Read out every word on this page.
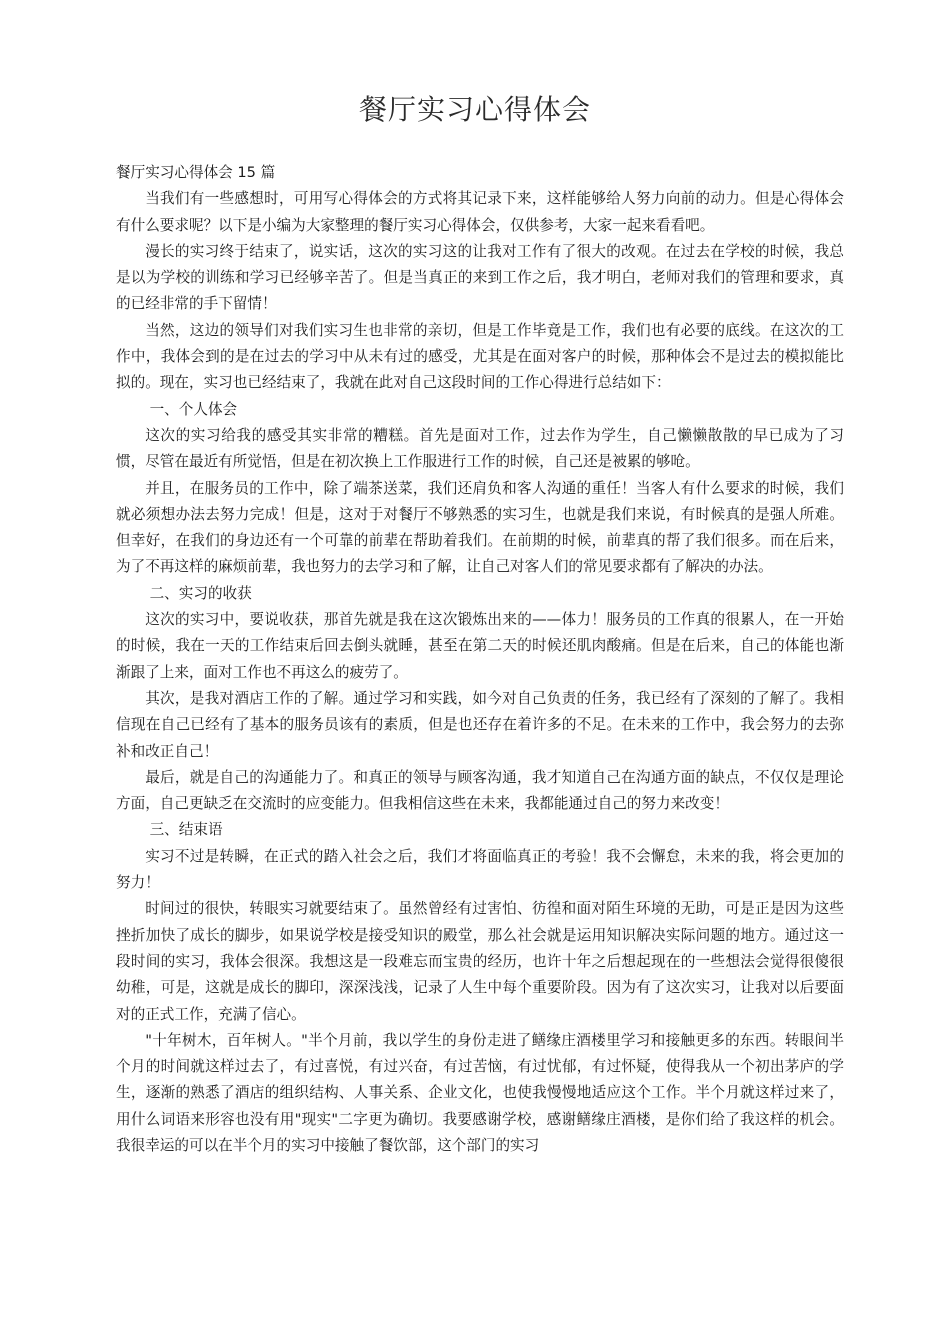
餐厅实习心得体会

餐厅实习心得体会 15 篇

当我们有一些感想时，可用写心得体会的方式将其记录下来，这样能够给人努力向前的动力。但是心得体会有什么要求呢？以下是小编为大家整理的餐厅实习心得体会，仅供参考，大家一起来看看吧。

漫长的实习终于结束了，说实话，这次的实习这的让我对工作有了很大的改观。在过去在学校的时候，我总是以为学校的训练和学习已经够辛苦了。但是当真正的来到工作之后，我才明白，老师对我们的管理和要求，真的已经非常的手下留情！

当然，这边的领导们对我们实习生也非常的亲切，但是工作毕竟是工作，我们也有必要的底线。在这次的工作中，我体会到的是在过去的学习中从未有过的感受，尤其是在面对客户的时候，那种体会不是过去的模拟能比拟的。现在，实习也已经结束了，我就在此对自己这段时间的工作心得进行总结如下：

一、个人体会

这次的实习给我的感受其实非常的糟糕。首先是面对工作，过去作为学生，自己懒懒散散的早已成为了习惯，尽管在最近有所觉悟，但是在初次换上工作服进行工作的时候，自己还是被累的够呛。

并且，在服务员的工作中，除了端茶送菜，我们还肩负和客人沟通的重任！当客人有什么要求的时候，我们就必须想办法去努力完成！但是，这对于对餐厅不够熟悉的实习生，也就是我们来说，有时候真的是强人所难。但幸好，在我们的身边还有一个可靠的前辈在帮助着我们。在前期的时候，前辈真的帮了我们很多。而在后来，为了不再这样的麻烦前辈，我也努力的去学习和了解，让自己对客人们的常见要求都有了解决的办法。

二、实习的收获

这次的实习中，要说收获，那首先就是我在这次锻炼出来的——体力！服务员的工作真的很累人，在一开始的时候，我在一天的工作结束后回去倒头就睡，甚至在第二天的时候还肌肉酸痛。但是在后来，自己的体能也渐渐跟了上来，面对工作也不再这么的疲劳了。

其次，是我对酒店工作的了解。通过学习和实践，如今对自己负责的任务，我已经有了深刻的了解了。我相信现在自己已经有了基本的服务员该有的素质，但是也还存在着许多的不足。在未来的工作中，我会努力的去弥补和改正自己！

最后，就是自己的沟通能力了。和真正的领导与顾客沟通，我才知道自己在沟通方面的缺点，不仅仅是理论方面，自己更缺乏在交流时的应变能力。但我相信这些在未来，我都能通过自己的努力来改变！

三、结束语

实习不过是转瞬，在正式的踏入社会之后，我们才将面临真正的考验！我不会懈怠，未来的我，将会更加的努力！

时间过的很快，转眼实习就要结束了。虽然曾经有过害怕、彷徨和面对陌生环境的无助，可是正是因为这些挫折加快了成长的脚步，如果说学校是接受知识的殿堂，那么社会就是运用知识解决实际问题的地方。通过这一段时间的实习，我体会很深。我想这是一段难忘而宝贵的经历，也许十年之后想起现在的一些想法会觉得很傻很幼稚，可是，这就是成长的脚印，深深浅浅，记录了人生中每个重要阶段。因为有了这次实习，让我对以后要面对的正式工作，充满了信心。

"十年树木，百年树人。"半个月前，我以学生的身份走进了鳝缘庄酒楼里学习和接触更多的东西。转眼间半个月的时间就这样过去了，有过喜悦，有过兴奋，有过苦恼，有过忧郁，有过怀疑，使得我从一个初出茅庐的学生，逐渐的熟悉了酒店的组织结构、人事关系、企业文化，也使我慢慢地适应这个工作。半个月就这样过来了，用什么词语来形容也没有用"现实"二字更为确切。我要感谢学校，感谢鳝缘庄酒楼，是你们给了我这样的机会。我很幸运的可以在半个月的实习中接触了餐饮部，这个部门的实习
